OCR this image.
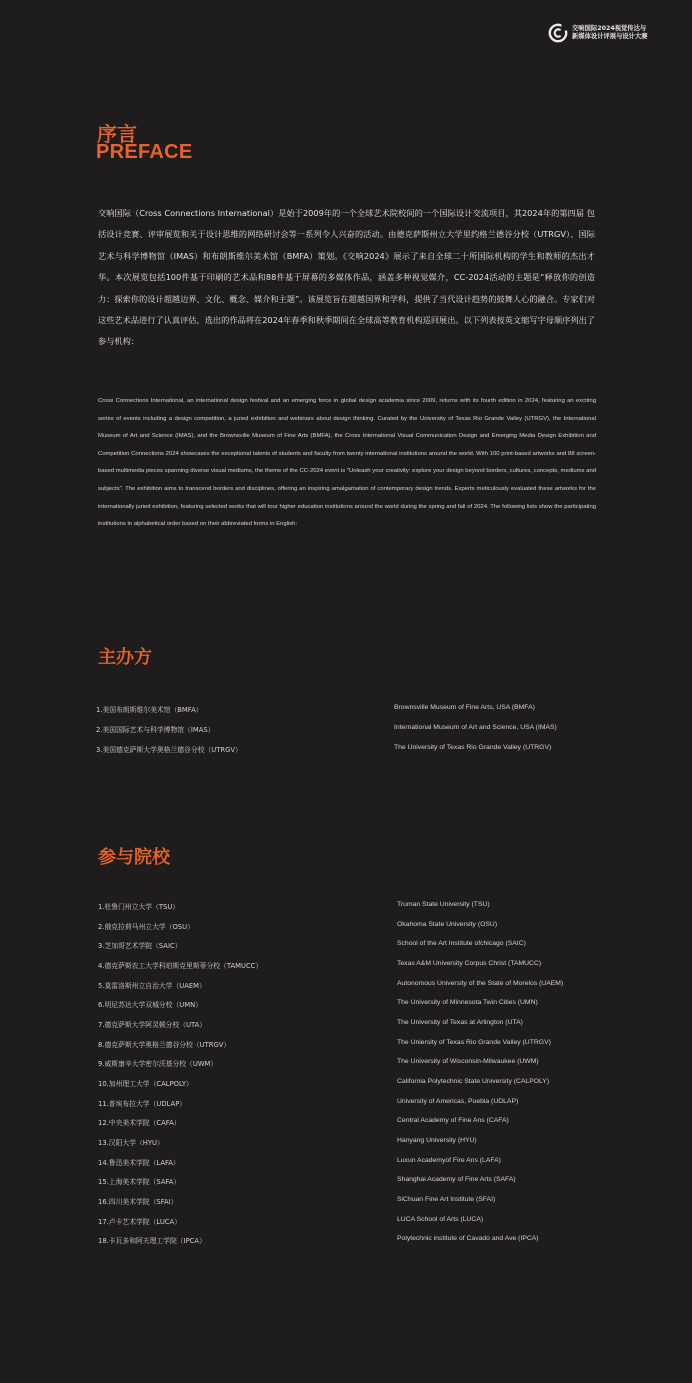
交响国际2024视觉传达与
新媒体设计评展与设计大赛
序言
PREFACE

交响国际（Cross Connections International）是始于2009年的一个全球艺术院校间的一个国际设计交流项目，其2024年的第四届 包括设计竞赛、评审展览和关于设计思维的网络研讨会等一系列令人兴奋的活动。由德克萨斯州立大学里约格兰德谷分校（UTRGV）、国际艺术与科学博物馆（IMAS）和布朗斯维尔美术馆（BMFA）策划。《交响2024》展示了来自全球二十所国际机构的学生和教师的杰出才华。本次展览包括100件基于印刷的艺术品和88件基于屏幕的多媒体作品，涵盖多种视觉媒介，CC-2024活动的主题是“释放你的创造力：探索你的设计超越边界、文化、概念、媒介和主题”。该展览旨在超越国界和学科，提供了当代设计趋势的鼓舞人心的融合。专家们对这些艺术品进行了认真评估，选出的作品将在2024年春季和秋季期间在全球高等教育机构巡回展出。以下列表按英文缩写字母顺序列出了参与机构：

Cross Connections International, an international design festival and an emerging force in global design academia since 2009, returns with its fourth edition in 2024, featuring an exciting series of events including a design competition, a juried exhibition and webinars about design thinking. Curated by the University of Texas Rio Grande Valley (UTRGV), the International Museum of Art and Science (IMAS), and the Brownsville Museum of Fine Arts (BMFA), the Cross International Visual Communication Design and Emerging Media Design Exhibition and Competition Connections 2024 showcases the exceptional talents of students and faculty from twenty international institutions around the world. With 100 print-based artworks and 88 screen-based multimedia pieces spanning diverse visual mediums, the theme of the CC-2024 event is "Unleash your creativity: explore your design beyond borders, cultures, concepts, mediums and subjects". The exhibition aims to transcend borders and disciplines, offering an inspiring amalgamation of contemporary design trends. Experts meticulously evaluated these artworks for the internationally juried exhibition, featuring selected works that will tour higher education institutions around the world during the spring and fall of 2024. The following lists show the participating institutions in alphabetical order based on their abbreviated forms in English:

主办方
1.美国布朗斯维尔美术馆（BMFA）	Brownsville Museum of Fine Arts, USA (BMFA)
2.美国国际艺术与科学博物馆（IMAS）	International Museum of Art and Science, USA (IMAS)
3.美国德克萨斯大学奥格兰德谷分校（UTRGV）	The University of Texas Rio Grande Valley (UTRGV)
参与院校
1.杜鲁门州立大学（TSU）	Truman State University (TSU)
2.俄克拉荷马州立大学（OSU）	Okahoma State University (OSU)
3.芝加哥艺术学院（SAIC）	School of the Art Institute ofchicago (SAIC)
4.德克萨斯农工大学科珀斯克里斯蒂分校（TAMUCC）	Texas A&M University Corpus Christ (TAMUCC)
5.莫雷洛斯州立自治大学（UAEM）	Autonomous University of the State of Morelos (UAEM)
6.明尼苏达大学双城分校（UMN）	The University of Minnesota Twin Cities (UMN)
7.德克萨斯大学阿灵顿分校（UTA）	The University of Texas at Arlington (UTA)
8.德克萨斯大学奥格兰德谷分校（UTRGV）	The Uniersity of Texas Rio Grande Valley (UTRGV)
9.威斯康辛大学密尔沃基分校（UWM）	The University of Wisconsin-Milwaukee (UWM)
10.加州理工大学（CALPOLY）	California Polytechnic State University (CALPOLY)
11.普埃布拉大学（UDLAP）	University of Americas, Puebla (UDLAP)
12.中央美术学院（CAFA）	Central Academy of Fine Ans (CAFA)
13.汉阳大学（HYU）	Hanyang University (HYU)
14.鲁迅美术学院（LAFA）	Luxun Academyof Fire Ans (LAFA)
15.上海美术学院（SAFA）	Shanghai Academy of Fine Arts (SAFA)
16.四川美术学院（SFAI）	SiChuan Fine Art Institute (SFAI)
17.卢卡艺术学院（LUCA）	LUCA School of Arts (LUCA)
18.卡瓦多和阿夫理工学院（IPCA）	Polytechnic institute of Cavado and Ave (IPCA)
